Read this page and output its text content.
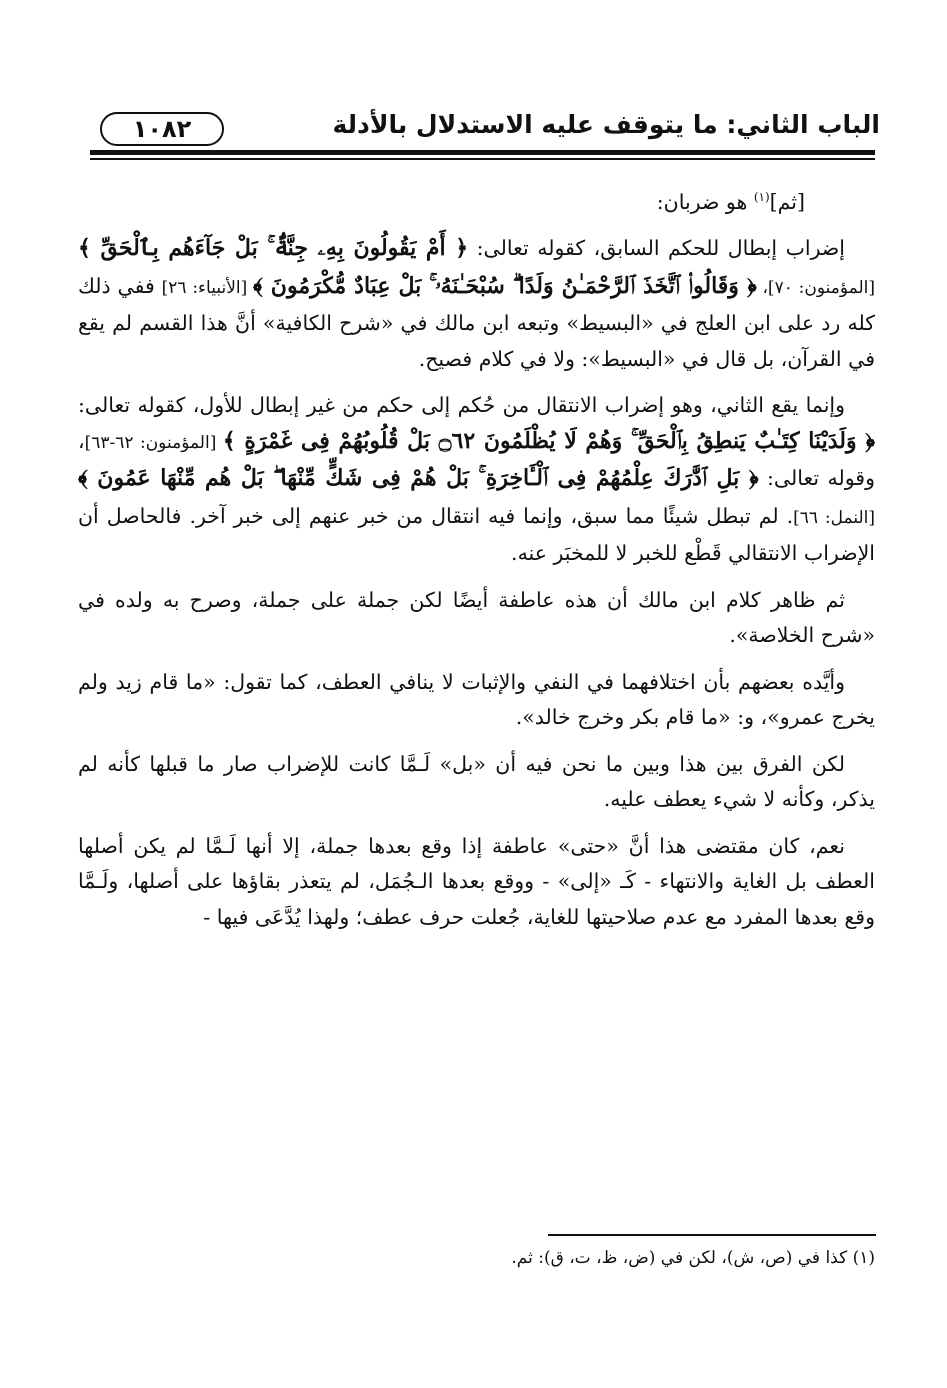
١٠٨٢	الباب الثاني: ما يتوقف عليه الاستدلال بالأدلة

[ثم]$^{(١)}$ هو ضربان:

إضراب إبطال للحكم السابق، كقوله تعالى: ﴿ أَمْ يَقُولُونَ بِهِۦ جِنَّةٌۢ ۚ بَلْ جَآءَهُم بِٱلْحَقِّ ﴾ [المؤمنون: ٧٠]، ﴿ وَقَالُوا۟ ٱتَّخَذَ ٱلرَّحْمَـٰنُ وَلَدًا ۗ سُبْحَـٰنَهُۥ ۚ بَلْ عِبَادٌ مُّكْرَمُونَ ﴾ [الأنبياء: ٢٦] ففي ذلك كله رد على ابن العلج في «البسيط» وتبعه ابن مالك في «شرح الكافية» أنَّ هذا القسم لم يقع في القرآن، بل قال في «البسيط»: ولا في كلام فصيح.

وإنما يقع الثاني، وهو إضراب الانتقال من حُكم إلى حكم من غير إبطال للأول، كقوله تعالى: ﴿ وَلَدَيْنَا كِتَـٰبٌ يَنطِقُ بِٱلْحَقِّ ۚ وَهُمْ لَا يُظْلَمُونَ ۝٦٢ بَلْ قُلُوبُهُمْ فِى غَمْرَةٍ ﴾ [المؤمنون: ٦٢-٦٣]، وقوله تعالى: ﴿ بَلِ ٱدَّٰرَكَ عِلْمُهُمْ فِى ٱلْـَٔاخِرَةِ ۚ بَلْ هُمْ فِى شَكٍّ مِّنْهَا ۖ بَلْ هُم مِّنْهَا عَمُونَ ﴾ [النمل: ٦٦]. لم تبطل شيئًا مما سبق، وإنما فيه انتقال من خبر عنهم إلى خبر آخر. فالحاصل أن الإضراب الانتقالي قَطْع للخبر لا للمخبَر عنه.

ثم ظاهر كلام ابن مالك أن هذه عاطفة أيضًا لكن جملة على جملة، وصرح به ولده في «شرح الخلاصة».

وأيَّده بعضهم بأن اختلافهما في النفي والإثبات لا ينافي العطف، كما تقول: «ما قام زيد ولم يخرج عمرو»، و: «ما قام بكر وخرج خالد».

لكن الفرق بين هذا وبين ما نحن فيه أن «بل» لَـمَّا كانت للإضراب صار ما قبلها كأنه لم يذكر، وكأنه لا شيء يعطف عليه.

نعم، كان مقتضى هذا أنَّ «حتى» عاطفة إذا وقع بعدها جملة، إلا أنها لَـمَّا لم يكن أصلها العطف بل الغاية والانتهاء - كَـ «إلى» - ووقع بعدها الـجُمَل، لم يتعذر بقاؤها على أصلها، ولَـمَّا وقع بعدها المفرد مع عدم صلاحيتها للغاية، جُعلت حرف عطف؛ ولهذا يُدَّعَى فيها -

(١) كذا في (ص، ش)، لكن في (ض، ظ، ت، ق): ثم.
